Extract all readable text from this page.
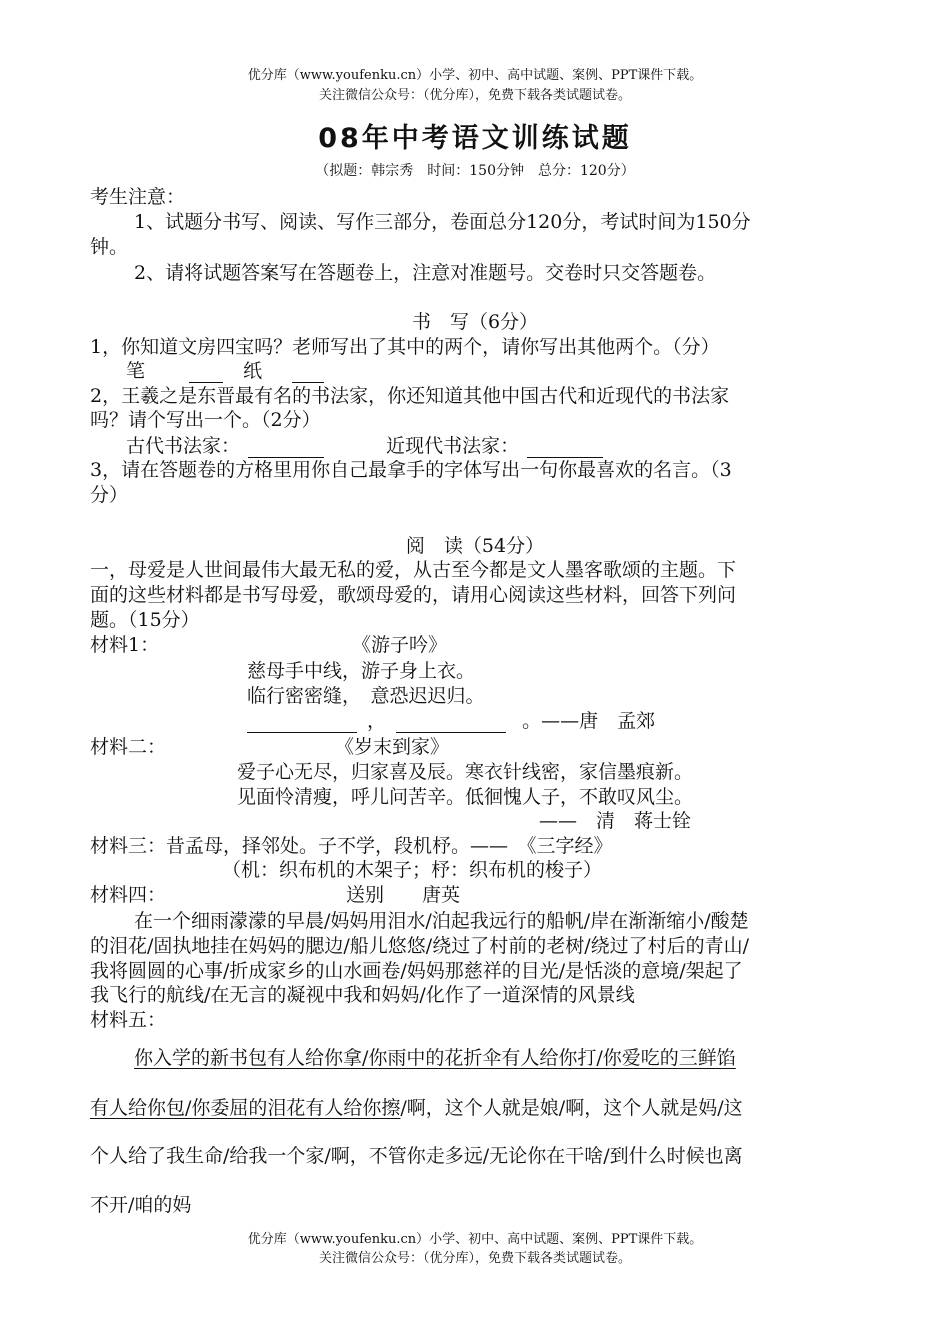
优分库（www.youfenku.cn）小学、初中、高中试题、案例、PPT课件下载。
关注微信公众号：（优分库），免费下载各类试题试卷。
08年中考语文训练试题
（拟题：韩宗秀　时间：150分钟　总分：120分）
考生注意：
1、试题分书写、阅读、写作三部分，卷面总分120分，考试时间为150分
钟。
2、请将试题答案写在答题卷上，注意对准题号。交卷时只交答题卷。
书　写（6分）
1，你知道文房四宝吗？老师写出了其中的两个，请你写出其他两个。（分）
笔	纸
2，王羲之是东晋最有名的书法家，你还知道其他中国古代和近现代的书法家
吗？请个写出一个。（2分）
古代书法家：	近现代书法家：
3，请在答题卷的方格里用你自己最拿手的字体写出一句你最喜欢的名言。（3
分）
阅　读（54分）
一，母爱是人世间最伟大最无私的爱，从古至今都是文人墨客歌颂的主题。下
面的这些材料都是书写母爱，歌颂母爱的，请用心阅读这些材料，回答下列问
题。（15分）
材料1：	《游子吟》
慈母手中线，游子身上衣。
临行密密缝，　意恐迟迟归。
，	。——唐　孟郊
材料二：	《岁末到家》
爱子心无尽，归家喜及辰。寒衣针线密，家信墨痕新。
见面怜清瘦，呼儿问苦辛。低徊愧人子，不敢叹风尘。
——　清　蒋士铨
材料三：昔孟母，择邻处。子不学，段机杼。——　《三字经》
（机：织布机的木架子；杼：织布机的梭子）
材料四：	送别　　唐英
在一个细雨濛濛的早晨/妈妈用泪水/泊起我远行的船帆/岸在渐渐缩小/酸楚
的泪花/固执地挂在妈妈的腮边/船儿悠悠/绕过了村前的老树/绕过了村后的青山/
我将圆圆的心事/折成家乡的山水画卷/妈妈那慈祥的目光/是恬淡的意境/架起了
我飞行的航线/在无言的凝视中我和妈妈/化作了一道深情的风景线
材料五：
你入学的新书包有人给你拿/你雨中的花折伞有人给你打/你爱吃的三鲜馅
有人给你包/你委屈的泪花有人给你擦/啊，这个人就是娘/啊，这个人就是妈/这
个人给了我生命/给我一个家/啊，不管你走多远/无论你在干啥/到什么时候也离
不开/咱的妈
优分库（www.youfenku.cn）小学、初中、高中试题、案例、PPT课件下载。
关注微信公众号：（优分库），免费下载各类试题试卷。
